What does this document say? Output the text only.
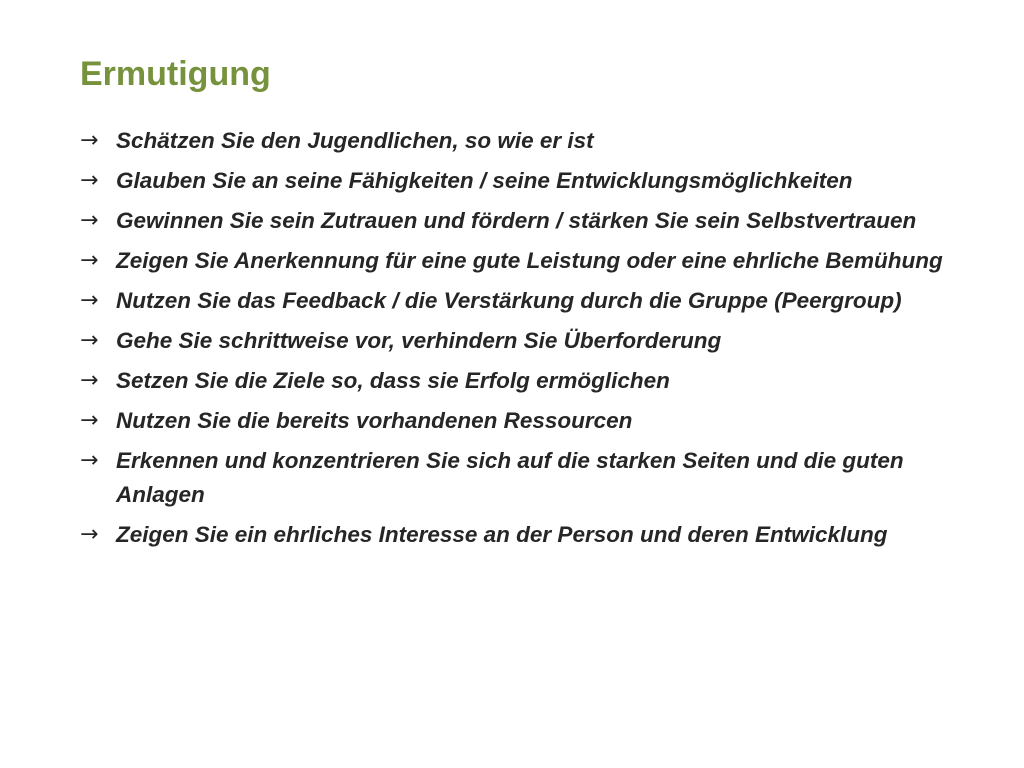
Ermutigung
→ Schätzen Sie den Jugendlichen, so wie er ist
→ Glauben Sie an seine Fähigkeiten / seine Entwicklungsmöglichkeiten
→ Gewinnen Sie sein Zutrauen und fördern / stärken Sie sein Selbstvertrauen
→ Zeigen Sie Anerkennung für eine gute Leistung oder eine ehrliche Bemühung
→ Nutzen Sie das Feedback / die Verstärkung durch die Gruppe (Peergroup)
→ Gehe Sie schrittweise vor, verhindern Sie Überforderung
→ Setzen Sie die Ziele so, dass sie Erfolg ermöglichen
→ Nutzen Sie die bereits vorhandenen Ressourcen
→ Erkennen und konzentrieren Sie sich auf die starken Seiten und die guten Anlagen
→ Zeigen Sie ein ehrliches Interesse an der Person und deren Entwicklung
